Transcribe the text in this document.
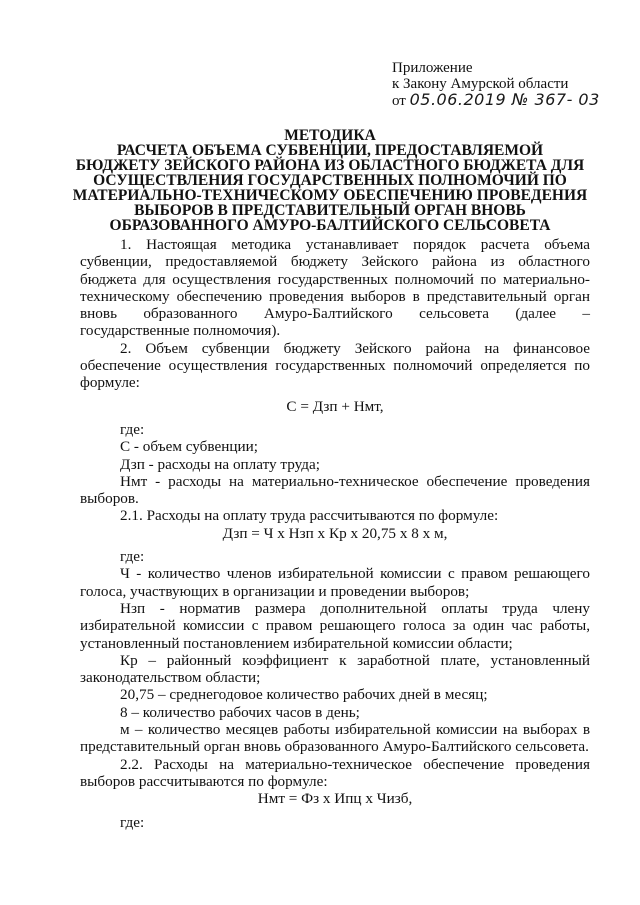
Приложение
к Закону Амурской области
от 05.06.2019 № 367- 03
МЕТОДИКА
РАСЧЕТА ОБЪЕМА СУБВЕНЦИИ, ПРЕДОСТАВЛЯЕМОЙ
БЮДЖЕТУ ЗЕЙСКОГО РАЙОНА ИЗ ОБЛАСТНОГО БЮДЖЕТА ДЛЯ
ОСУЩЕСТВЛЕНИЯ ГОСУДАРСТВЕННЫХ ПОЛНОМОЧИЙ ПО
МАТЕРИАЛЬНО-ТЕХНИЧЕСКОМУ ОБЕСПЕЧЕНИЮ ПРОВЕДЕНИЯ
ВЫБОРОВ В ПРЕДСТАВИТЕЛЬНЫЙ ОРГАН ВНОВЬ
ОБРАЗОВАННОГО АМУРО-БАЛТИЙСКОГО СЕЛЬСОВЕТА

1. Настоящая методика устанавливает порядок расчета объема субвенции, предоставляемой бюджету Зейского района из областного бюджета для осуществления государственных полномочий по материально-техническому обеспечению проведения выборов в представительный орган вновь образованного Амуро-Балтийского сельсовета (далее – государственные полномочия).

2. Объем субвенции бюджету Зейского района на финансовое обеспечение осуществления государственных полномочий определяется по формуле:

С = Дзп + Нмт,

где:

С - объем субвенции;

Дзп - расходы на оплату труда;

Нмт - расходы на материально-техническое обеспечение проведения выборов.

2.1. Расходы на оплату труда рассчитываются по формуле:

Дзп = Ч х Нзп х Кр х 20,75 х 8 х м,

где:

Ч - количество членов избирательной комиссии с правом решающего голоса, участвующих в организации и проведении выборов;

Нзп - норматив размера дополнительной оплаты труда члену избирательной комиссии с правом решающего голоса за один час работы, установленный постановлением избирательной комиссии области;

Кр – районный коэффициент к заработной плате, установленный законодательством области;

20,75 – среднегодовое количество рабочих дней в месяц;

8 – количество рабочих часов в день;

м – количество месяцев работы избирательной комиссии на выборах в представительный орган вновь образованного Амуро-Балтийского сельсовета.

2.2. Расходы на материально-техническое обеспечение проведения выборов рассчитываются по формуле:

Нмт = Фз х Ипц х Чизб,

где:
